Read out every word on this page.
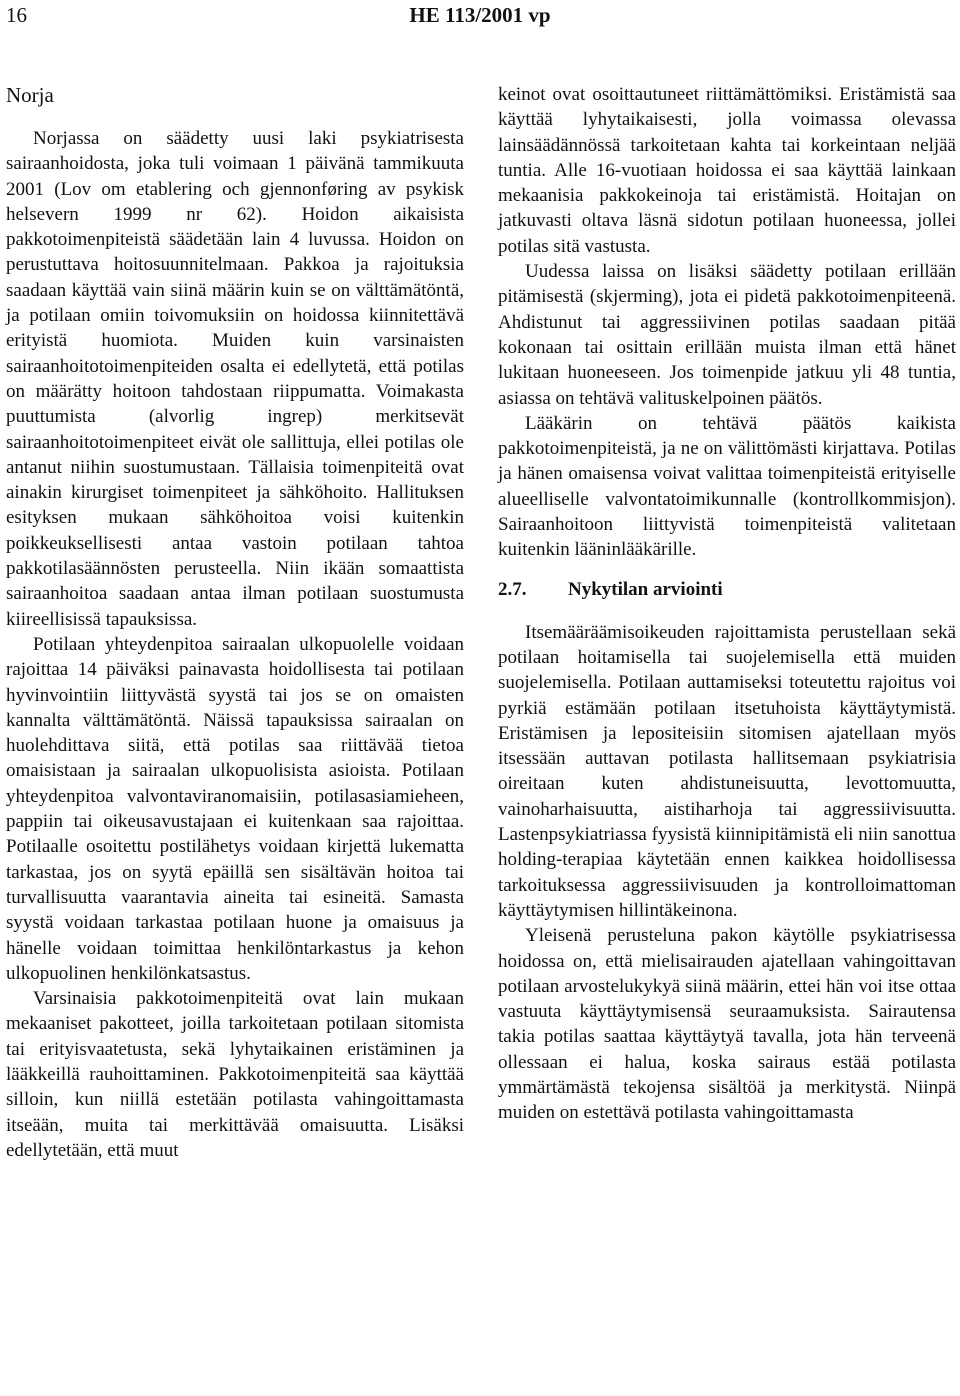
16	HE 113/2001 vp
Norja

Norjassa on säädetty uusi laki psykiatrisesta sairaanhoidosta, joka tuli voimaan 1 päivänä tammikuuta 2001 (Lov om etablering och gjennonføring av psykisk helsevern 1999 nr 62). Hoidon aikaisista pakkotoimenpiteistä säädetään lain 4 luvussa. Hoidon on perustuttava hoitosuunnitelmaan. Pakkoa ja rajoituksia saadaan käyttää vain siinä määrin kuin se on välttämätöntä, ja potilaan omiin toivomuksiin on hoidossa kiinnitettävä erityistä huomiota. Muiden kuin varsinaisten sairaanhoitotoimenpiteiden osalta ei edellytetä, että potilas on määrätty hoitoon tahdostaan riippumatta. Voimakasta puuttumista (alvorlig ingrep) merkitsevät sairaanhoitotoimenpiteet eivät ole sallittuja, ellei potilas ole antanut niihin suostumustaan. Tällaisia toimenpiteitä ovat ainakin kirurgiset toimenpiteet ja sähköhoito. Hallituksen esityksen mukaan sähköhoitoa voisi kuitenkin poikkeuksellisesti antaa vastoin potilaan tahtoa pakkotilasäännösten perusteella. Niin ikään somaattista sairaanhoitoa saadaan antaa ilman potilaan suostumusta kiireellisissä tapauksissa.

Potilaan yhteydenpitoa sairaalan ulkopuolelle voidaan rajoittaa 14 päiväksi painavasta hoidollisesta tai potilaan hyvinvointiin liittyvästä syystä tai jos se on omaisten kannalta välttämätöntä. Näissä tapauksissa sairaalan on huolehdittava siitä, että potilas saa riittävää tietoa omaisistaan ja sairaalan ulkopuolisista asioista. Potilaan yhteydenpitoa valvontaviranomaisiin, potilasasiamieheen, pappiin tai oikeusavustajaan ei kuitenkaan saa rajoittaa. Potilaalle osoitettu postilähetys voidaan kirjettä lukematta tarkastaa, jos on syytä epäillä sen sisältävän hoitoa tai turvallisuutta vaarantavia aineita tai esineitä. Samasta syystä voidaan tarkastaa potilaan huone ja omaisuus ja hänelle voidaan toimittaa henkilöntarkastus ja kehon ulkopuolinen henkilönkatsastus.

Varsinaisia pakkotoimenpiteitä ovat lain mukaan mekaaniset pakotteet, joilla tarkoitetaan potilaan sitomista tai erityisvaatetusta, sekä lyhytaikainen eristäminen ja lääkkeillä rauhoittaminen. Pakkotoimenpiteitä saa käyttää silloin, kun niillä estetään potilasta vahingoittamasta itseään, muita tai merkittävää omaisuutta. Lisäksi edellytetään, että muut

keinot ovat osoittautuneet riittämättömiksi. Eristämistä saa käyttää lyhytaikaisesti, jolla voimassa olevassa lainsäädännössä tarkoitetaan kahta tai korkeintaan neljää tuntia. Alle 16-vuotiaan hoidossa ei saa käyttää lainkaan mekaanisia pakkokeinoja tai eristämistä. Hoitajan on jatkuvasti oltava läsnä sidotun potilaan huoneessa, jollei potilas sitä vastusta.

Uudessa laissa on lisäksi säädetty potilaan erillään pitämisestä (skjerming), jota ei pidetä pakkotoimenpiteenä. Ahdistunut tai aggressiivinen potilas saadaan pitää kokonaan tai osittain erillään muista ilman että hänet lukitaan huoneeseen. Jos toimenpide jatkuu yli 48 tuntia, asiassa on tehtävä valituskelpoinen päätös.

Lääkärin on tehtävä päätös kaikista pakkotoimenpiteistä, ja ne on välittömästi kirjattava. Potilas ja hänen omaisensa voivat valittaa toimenpiteistä erityiselle alueelliselle valvontatoimikunnalle (kontrollkommisjon). Sairaanhoitoon liittyvistä toimenpiteistä valitetaan kuitenkin lääninlääkärille.

2.7. Nykytilan arviointi

Itsemääräämisoikeuden rajoittamista perustellaan sekä potilaan hoitamisella tai suojelemisella että muiden suojelemisella. Potilaan auttamiseksi toteutettu rajoitus voi pyrkiä estämään potilaan itsetuhoista käyttäytymistä. Eristämisen ja lepositeisiin sitomisen ajatellaan myös itsessään auttavan potilasta hallitsemaan psykiatrisia oireitaan kuten ahdistuneisuutta, levottomuutta, vainoharhaisuutta, aistiharhoja tai aggressiivisuutta. Lastenpsykiatriassa fyysistä kiinnipitämistä eli niin sanottua holding-terapiaa käytetään ennen kaikkea hoidollisessa tarkoituksessa aggressiivisuuden ja kontrolloimattoman käyttäytymisen hillintäkeinona.

Yleisenä perusteluna pakon käytölle psykiatrisessa hoidossa on, että mielisairauden ajatellaan vahingoittavan potilaan arvostelukykyä siinä määrin, ettei hän voi itse ottaa vastuuta käyttäytymisensä seuraamuksista. Sairautensa takia potilas saattaa käyttäytyä tavalla, jota hän terveenä ollessaan ei halua, koska sairaus estää potilasta ymmärtämästä tekojensa sisältöä ja merkitystä. Niinpä muiden on estettävä potilasta vahingoittamasta
